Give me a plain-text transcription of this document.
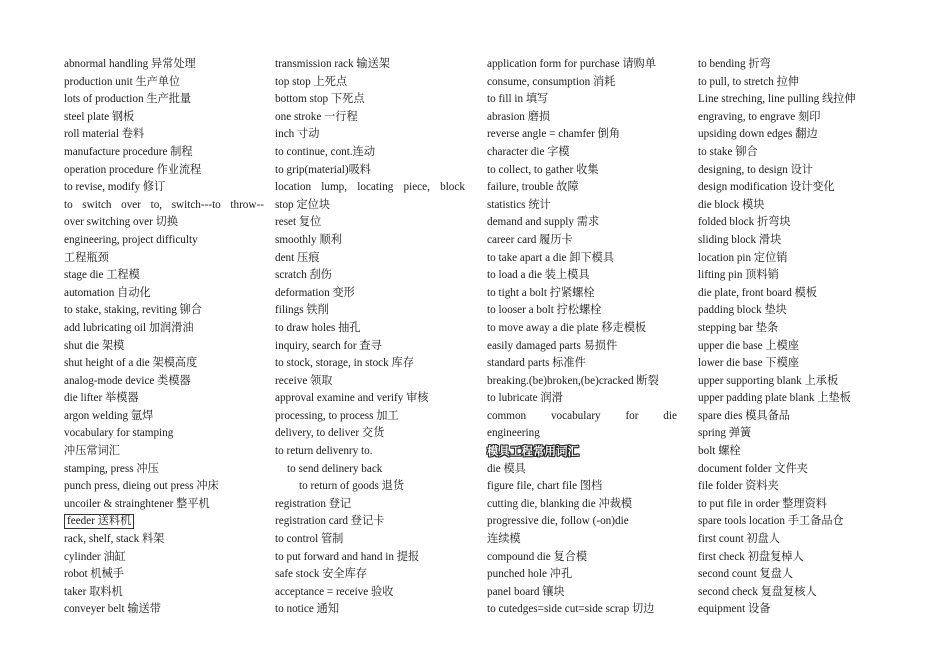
abnormal handling 异常处理
production unit 生产单位
lots of production 生产批量
steel plate 钢板
roll material 卷料
manufacture procedure 制程
operation procedure 作业流程
to revise, modify 修订
to switch over to, switch---to throw--
over switching over 切换
engineering, project difficulty
工程瓶颈
stage die 工程模
automation 自动化
to stake, staking, reviting 铆合
add lubricating oil 加润滑油
shut die 架模
shut height of a die 架模高度
analog-mode device 类模器
die lifter 举模器
argon welding 氩焊
vocabulary for stamping
冲压常词汇
stamping, press 冲压
punch press, dieing out press 冲床
uncoiler & strainghtener 整平机
feeder 送料机
rack, shelf, stack 料架
cylinder 油缸
robot 机械手
taker 取料机
conveyer belt 输送带
transmission rack 输送架
top stop 上死点
bottom stop 下死点
one stroke 一行程
inch 寸动
to continue, cont.连动
to grip(material)吸料
location lump, locating piece, block
stop 定位块
reset 复位
smoothly 顺利
dent 压痕
scratch 刮伤
deformation 变形
filings 铁削
to draw holes 抽孔
inquiry, search for 查寻
to stock, storage, in stock 库存
receive 领取
approval examine and verify 审核
processing, to process 加工
delivery, to deliver 交货
to return delivenry to.
to send delinery back
to return of goods 退货
registration 登记
registration card 登记卡
to control 管制
to put forward and hand in 提报
safe stock 安全库存
acceptance = receive 验收
to notice 通知
application form for purchase 请购单
consume, consumption 消耗
to fill in 填写
abrasion 磨损
reverse angle = chamfer 倒角
character die 字模
to collect, to gather 收集
failure, trouble 故障
statistics 统计
demand and supply 需求
career card 履历卡
to take apart a die 卸下模具
to load a die 装上模具
to tight a bolt 拧紧螺栓
to looser a bolt 拧松螺栓
to move away a die plate 移走模板
easily damaged parts 易损件
standard parts 标准件
breaking.(be)broken,(be)cracked 断裂
to lubricate 润滑
common vocabulary for die
engineering
模具工程常用词汇
die 模具
figure file, chart file 图档
cutting die, blanking die 冲裁模
progressive die, follow (-on)die
连续模
compound die 复合模
punched hole 冲孔
panel board 镶块
to cutedges=side cut=side scrap 切边
to bending 折弯
to pull, to stretch 拉伸
Line streching, line pulling 线拉伸
engraving, to engrave 刻印
upsiding down edges 翻边
to stake 铆合
designing, to design 设计
design modification 设计变化
die block 模块
folded block 折弯块
sliding block 滑块
location pin 定位销
lifting pin 顶料销
die plate, front board 模板
padding block 垫块
stepping bar 垫条
upper die base 上模座
lower die base 下模座
upper supporting blank 上承板
upper padding plate blank 上垫板
spare dies 模具备品
spring 弹簧
bolt 螺栓
document folder 文件夹
file folder 资料夹
to put file in order 整理资料
spare tools location 手工备品仓
first count 初盘人
first check 初盘复棹人
second count 复盘人
second check 复盘复核人
equipment 设备
